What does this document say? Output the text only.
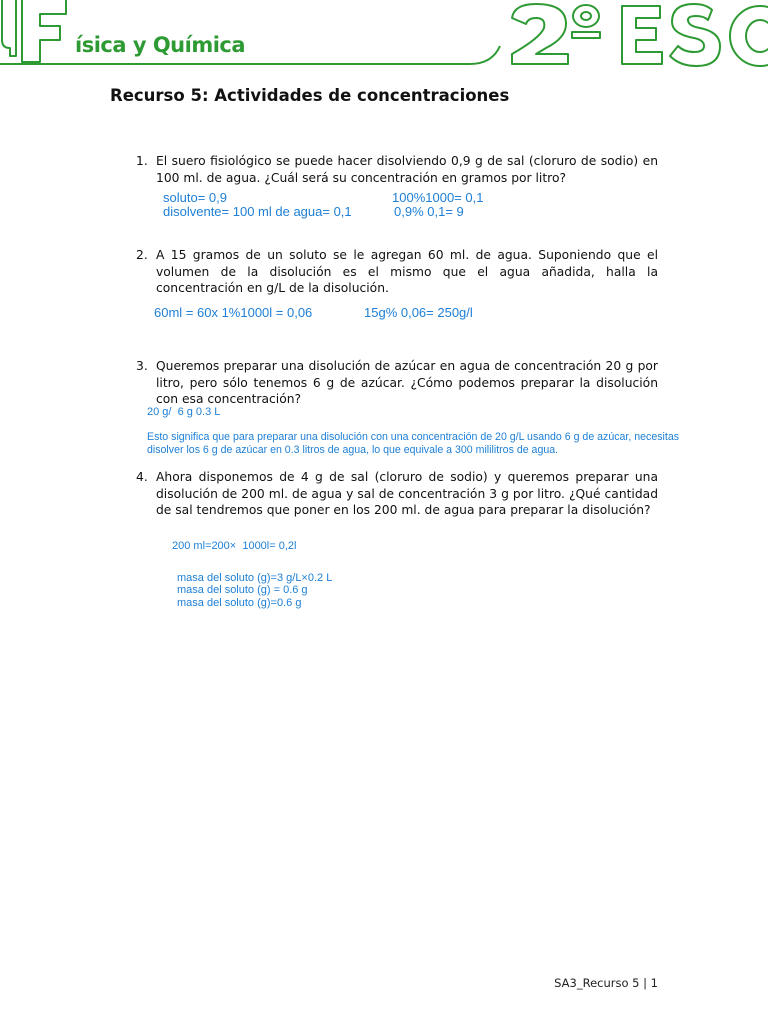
ísica y Química
Recurso 5: Actividades de concentraciones
1. El suero fisiológico se puede hacer disolviendo 0,9 g de sal (cloruro de sodio) en 100 ml. de agua. ¿Cuál será su concentración en gramos por litro?
soluto= 0,9
disolvente= 100 ml de agua= 0,1
100%1000= 0,1
0,9% 0,1= 9
2. A 15 gramos de un soluto se le agregan 60 ml. de agua. Suponiendo que el volumen de la disolución es el mismo que el agua añadida, halla la concentración en g/L de la disolución.
60ml = 60x 1%1000l = 0,06	15g% 0,06= 250g/l
3. Queremos preparar una disolución de azúcar en agua de concentración 20 g por litro, pero sólo tenemos 6 g de azúcar. ¿Cómo podemos preparar la disolución con esa concentración?
20 g/  6 g 0.3 L
Esto significa que para preparar una disolución con una concentración de 20 g/L usando 6 g de azúcar, necesitas
disolver los 6 g de azúcar en 0.3 litros de agua, lo que equivale a 300 mililitros de agua.
4. Ahora disponemos de 4 g de sal (cloruro de sodio) y queremos preparar una disolución de 200 ml. de agua y sal de concentración 3 g por litro. ¿Qué cantidad de sal tendremos que poner en los 200 ml. de agua para preparar la disolución?
200 ml=200×  1000l= 0,2l
masa del soluto (g)=3 g/L×0.2 L
masa del soluto (g) = 0.6 g
masa del soluto (g)=0.6 g
SA3_Recurso 5 | 1
